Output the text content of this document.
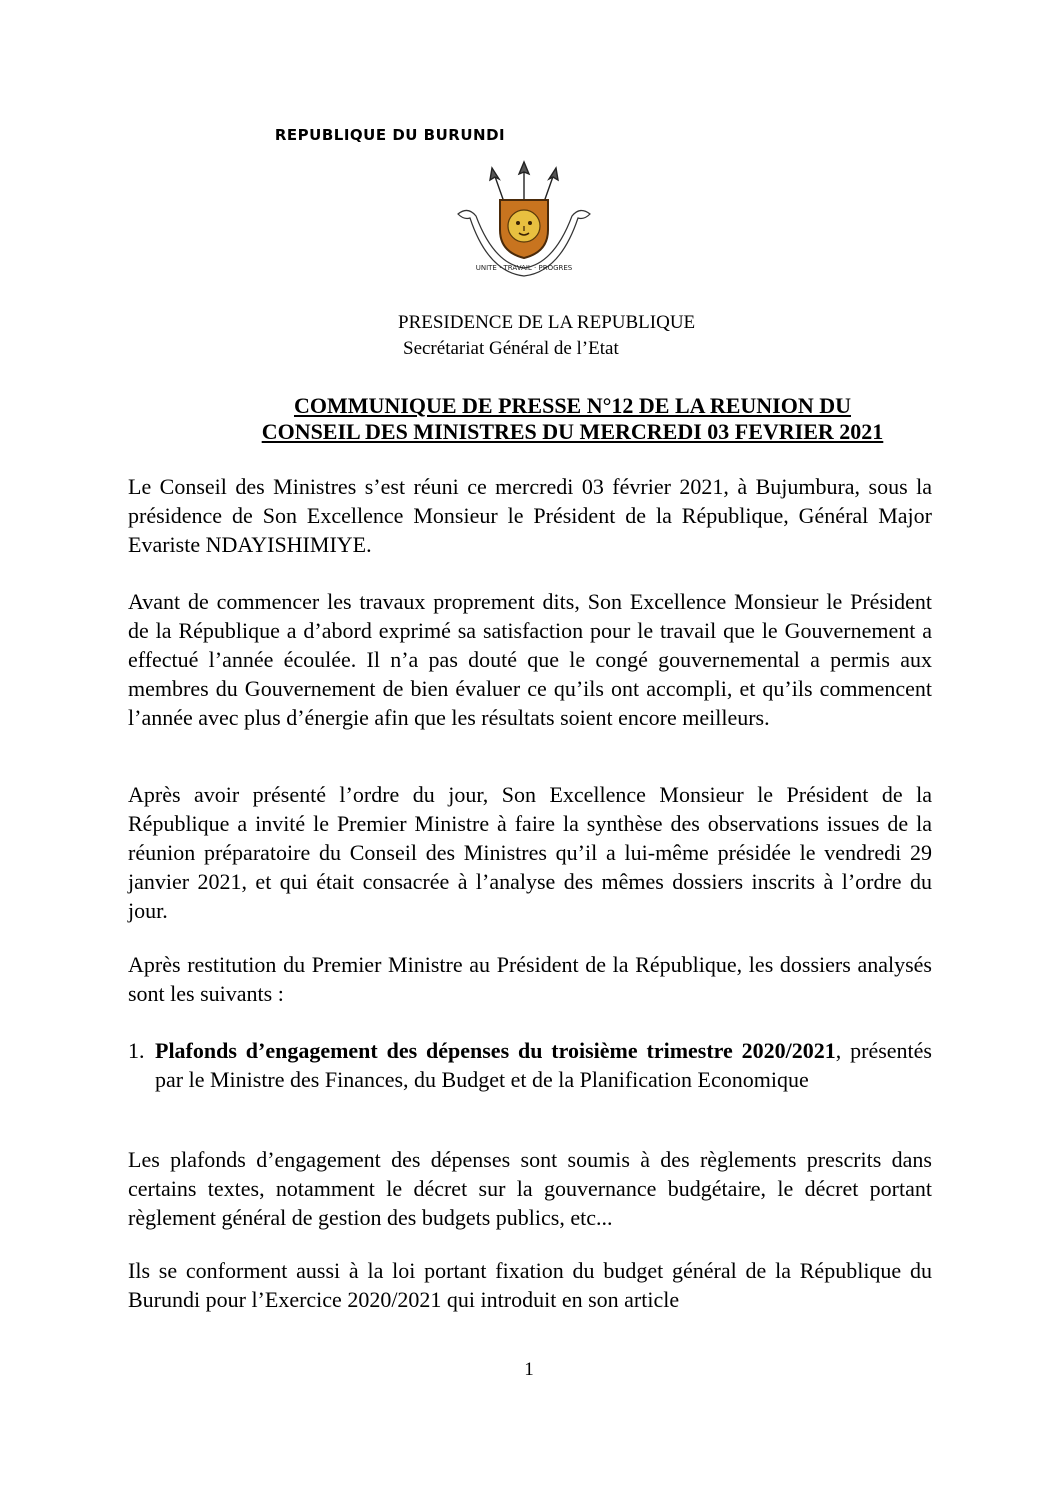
REPUBLIQUE DU BURUNDI
UNITE · TRAVAIL · PROGRES
PRESIDENCE DE LA REPUBLIQUE
Secrétariat Général de l’Etat
COMMUNIQUE DE PRESSE N°12 DE LA REUNION DU
CONSEIL DES MINISTRES DU MERCREDI 03 FEVRIER 2021
Le Conseil des Ministres s’est réuni ce mercredi 03 février 2021, à Bujumbura, sous la présidence de Son Excellence Monsieur le Président de la République, Général Major Evariste NDAYISHIMIYE.
Avant de commencer les travaux proprement dits, Son Excellence Monsieur le Président de la République a d’abord exprimé sa satisfaction pour le travail que le Gouvernement a effectué l’année écoulée. Il n’a pas douté que le congé gouvernemental a permis aux membres du Gouvernement de bien évaluer ce qu’ils ont accompli, et qu’ils commencent l’année avec plus d’énergie afin que les résultats soient encore meilleurs.
Après avoir présenté l’ordre du jour, Son Excellence Monsieur le Président de la République a invité le Premier Ministre à faire la synthèse des observations issues de la réunion préparatoire du Conseil des Ministres qu’il a lui-même présidée le vendredi 29 janvier 2021, et qui était consacrée à l’analyse des mêmes dossiers inscrits à l’ordre du jour.
Après restitution du Premier Ministre au Président de la République, les dossiers analysés sont les suivants :
1. Plafonds d’engagement des dépenses du troisième trimestre 2020/2021, présentés par le Ministre des Finances, du Budget et de la Planification Economique
Les plafonds d’engagement des dépenses sont soumis à des règlements prescrits dans certains textes, notamment le décret sur la gouvernance budgétaire, le décret portant règlement général de gestion des budgets publics, etc...
Ils se conforment aussi à la loi portant fixation du budget général de la République du Burundi pour l’Exercice 2020/2021 qui introduit en son article
1
